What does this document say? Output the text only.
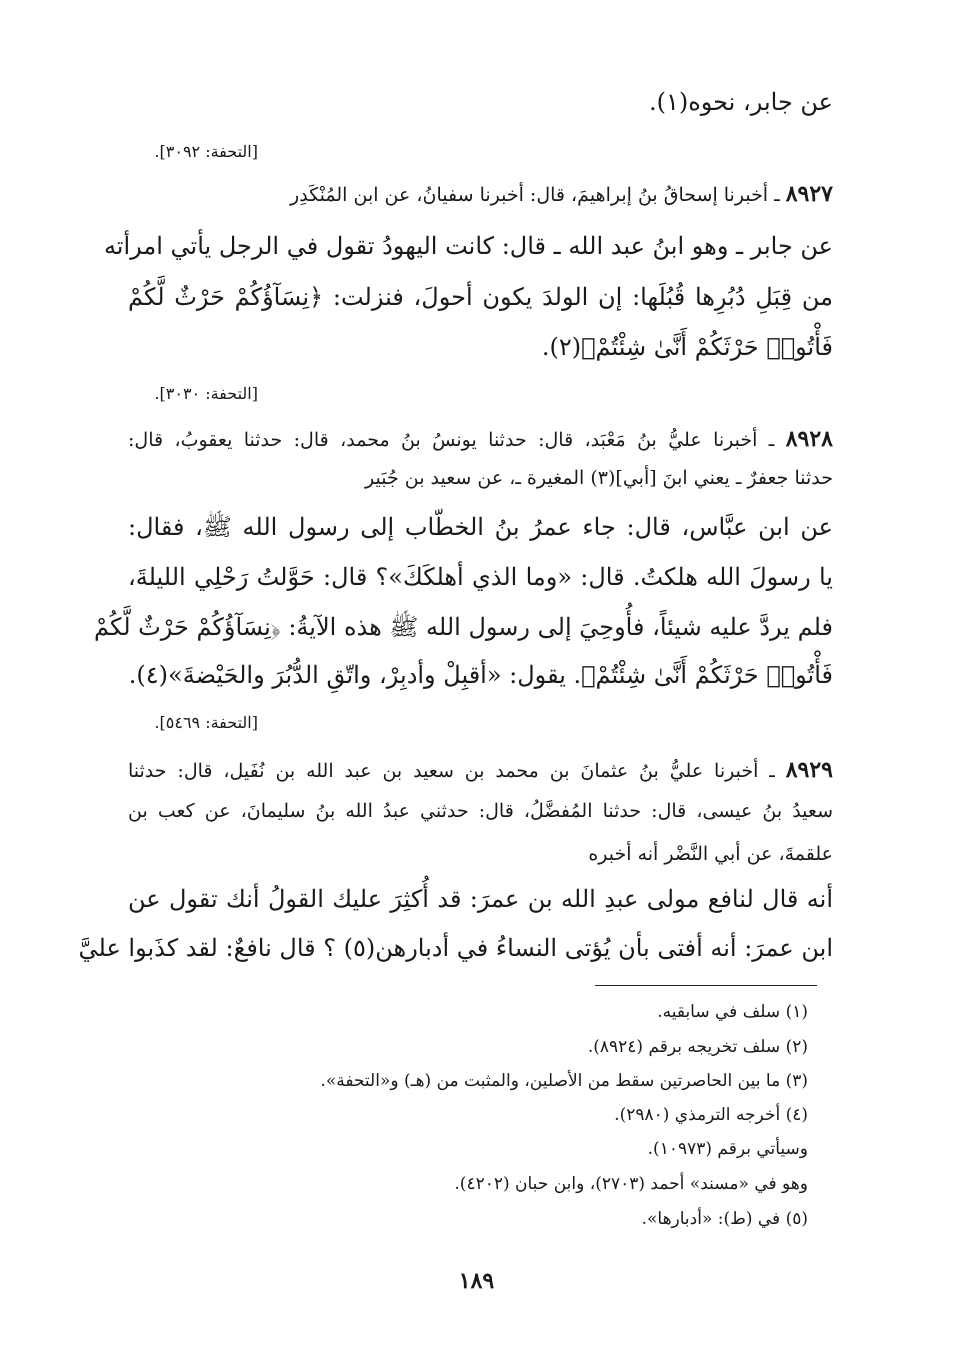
عن جابر، نحوه(١).
[التحفة: ٣٠٩٢].
٨٩٢٧ ـ أخبرنا إسحاقُ بنُ إبراهيمَ، قال: أخبرنا سفيانُ، عن ابن المُنْكَدِر
عن جابر ـ وهو ابنُ عبد الله ـ قال: كانت اليهودُ تقول في الرجل يأتي امرأته
من قِبَلِ دُبُرِها قُبُلَها: إن الولدَ يكون أحولَ، فنزلت: ﴿نِسَآؤُكُمْ حَرْثٌ لَّكُمْ
فَأْتُوا۟ حَرْثَكُمْ أَنَّىٰ شِئْتُمْ﴾(٢).
[التحفة: ٣٠٣٠].
٨٩٢٨ ـ أخبرنا عليُّ بنُ مَعْبَد، قال: حدثنا يونسُ بنُ محمد، قال: حدثنا يعقوبُ، قال:
حدثنا جعفرٌ ـ يعني ابنَ [أبي](٣) المغيرة ـ، عن سعيد بن جُبَير
عن ابن عبَّاس، قال: جاء عمرُ بنُ الخطّاب إلى رسول الله ﷺ، فقال:
يا رسولَ الله هلكتُ. قال: «وما الذي أهلكَكَ»؟ قال: حَوَّلتُ رَحْلِي الليلةَ،
فلم يردَّ عليه شيئاً، فأُوحِيَ إلى رسول الله ﷺ هذه الآيةُ: ﴿نِسَآؤُكُمْ حَرْثٌ لَّكُمْ
فَأْتُوا۟ حَرْثَكُمْ أَنَّىٰ شِئْتُمْ﴾. يقول: «أقبِلْ وأدبِرْ، واتّقِ الدُّبُرَ والحَيْضةَ»(٤).
[التحفة: ٥٤٦٩].
٨٩٢٩ ـ أخبرنا عليُّ بنُ عثمانَ بن محمد بن سعيد بن عبد الله بن نُفَيل، قال: حدثنا
سعيدُ بنُ عيسى، قال: حدثنا المُفضَّلُ، قال: حدثني عبدُ الله بنُ سليمانَ، عن كعب بن
علقمةَ، عن أبي النَّضْر أنه أخبره
أنه قال لنافع مولى عبدِ الله بن عمرَ: قد أُكثِرَ عليك القولُ أنك تقول عن
ابن عمرَ: أنه أفتى بأن يُؤتى النساءُ في أدبارهن(٥) ؟ قال نافعٌ: لقد كذَبوا عليَّ
(١) سلف في سابقيه.
(٢) سلف تخريجه برقم (٨٩٢٤).
(٣) ما بين الحاصرتين سقط من الأصلين، والمثبت من (هـ) و«التحفة».
(٤) أخرجه الترمذي (٢٩٨٠).
وسيأتي برقم (١٠٩٧٣).
وهو في «مسند» أحمد (٢٧٠٣)، وابن حبان (٤٢٠٢).
(٥) في (ط): «أدبارها».
١٨٩
